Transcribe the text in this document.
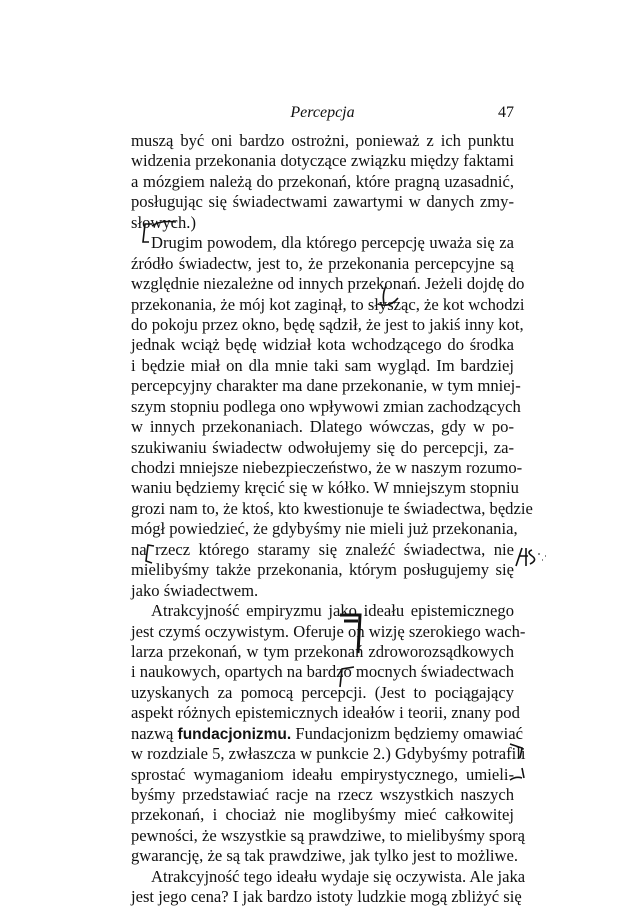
Percepcja	47
muszą być oni bardzo ostrożni, ponieważ z ich punktu
widzenia przekonania dotyczące związku między faktami
a mózgiem należą do przekonań, które pragną uzasadnić,
posługując się świadectwami zawartymi w danych zmy-
słowych.)
Drugim powodem, dla którego percepcję uważa się za
źródło świadectw, jest to, że przekonania percepcyjne są
względnie niezależne od innych przekonań. Jeżeli dojdę do
przekonania, że mój kot zaginął, to słysząc, że kot wchodzi
do pokoju przez okno, będę sądził, że jest to jakiś inny kot,
jednak wciąż będę widział kota wchodzącego do środka
i będzie miał on dla mnie taki sam wygląd. Im bardziej
percepcyjny charakter ma dane przekonanie, w tym mniej-
szym stopniu podlega ono wpływowi zmian zachodzących
w innych przekonaniach. Dlatego wówczas, gdy w po-
szukiwaniu świadectw odwołujemy się do percepcji, za-
chodzi mniejsze niebezpieczeństwo, że w naszym rozumo-
waniu będziemy kręcić się w kółko. W mniejszym stopniu
grozi nam to, że ktoś, kto kwestionuje te świadectwa, będzie
mógł powiedzieć, że gdybyśmy nie mieli już przekonania,
na rzecz którego staramy się znaleźć świadectwa, nie
mielibyśmy także przekonania, którym posługujemy się
jako świadectwem.
Atrakcyjność empiryzmu jako ideału epistemicznego
jest czymś oczywistym. Oferuje on wizję szerokiego wach-
larza przekonań, w tym przekonań zdroworozsądkowych
i naukowych, opartych na bardzo mocnych świadectwach
uzyskanych za pomocą percepcji. (Jest to pociągający
aspekt różnych epistemicznych ideałów i teorii, znany pod
nazwą fundacjonizmu. Fundacjonizm będziemy omawiać
w rozdziale 5, zwłaszcza w punkcie 2.) Gdybyśmy potrafili
sprostać wymaganiom ideału empirystycznego, umieli-
byśmy przedstawiać racje na rzecz wszystkich naszych
przekonań, i chociaż nie moglibyśmy mieć całkowitej
pewności, że wszystkie są prawdziwe, to mielibyśmy sporą
gwarancję, że są tak prawdziwe, jak tylko jest to możliwe.
Atrakcyjność tego ideału wydaje się oczywista. Ale jaka
jest jego cena? I jak bardzo istoty ludzkie mogą zbliżyć się
